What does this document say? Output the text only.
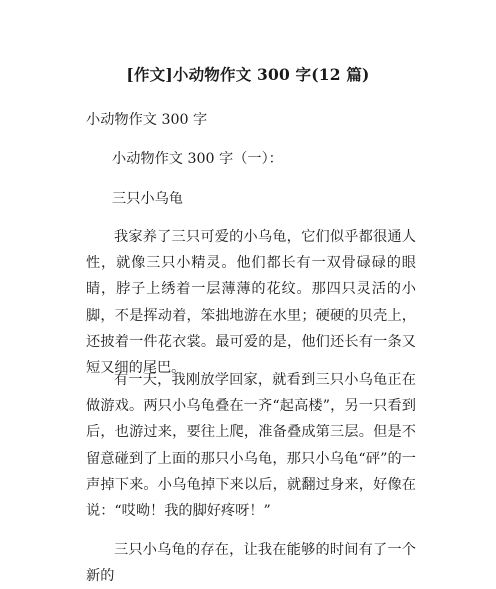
[作文]小动物作文 300 字(12 篇)
小动物作文 300 字
小动物作文 300 字（一）：
三只小乌龟
我家养了三只可爱的小乌龟，它们似乎都很通人性，就像三只小精灵。他们都长有一双骨碌碌的眼睛，脖子上绣着一层薄薄的花纹。那四只灵活的小脚，不是挥动着，笨拙地游在水里；硬硬的贝壳上，还披着一件花衣裳。最可爱的是，他们还长有一条又短又细的尾巴。
有一天，我刚放学回家，就看到三只小乌龟正在做游戏。两只小乌龟叠在一齐“起高楼”，另一只看到后，也游过来，要往上爬，准备叠成第三层。但是不留意碰到了上面的那只小乌龟，那只小乌龟“砰”的一声掉下来。小乌龟掉下来以后，就翻过身来，好像在说：“哎呦！我的脚好疼呀！”
三只小乌龟的存在，让我在能够的时间有了一个新的
